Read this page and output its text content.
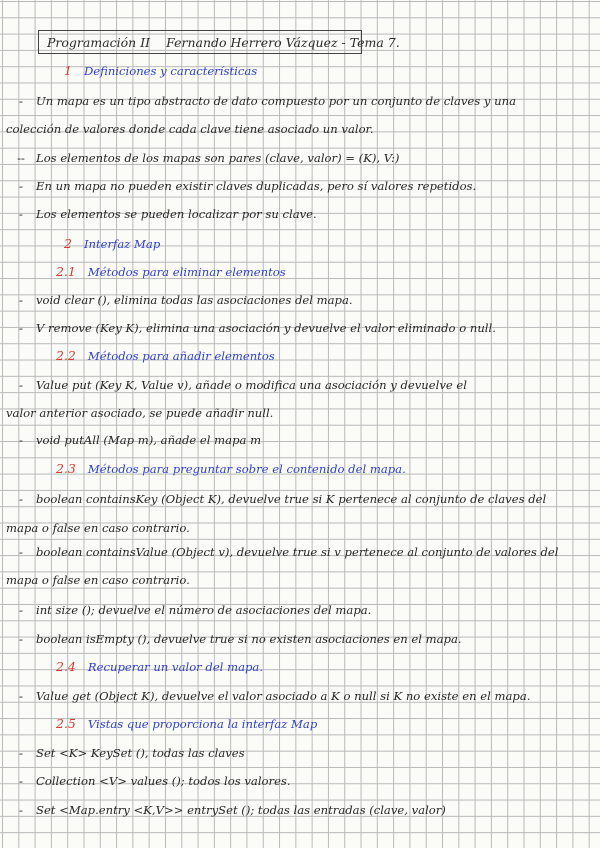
Programación II	Fernando Herrero Vázquez - Tema 7.
1 Definiciones y características
- Un mapa es un tipo abstracto de dato compuesto por un conjunto de claves y una
colección de valores donde cada clave tiene asociado un valor.
-- Los elementos de los mapas son pares (clave, valor) = (K), V:)
- En un mapa no pueden existir claves duplicadas, pero sí valores repetidos.
- Los elementos se pueden localizar por su clave.
2 Interfaz Map
2.1 Métodos para eliminar elementos
- void clear (), elimina todas las asociaciones del mapa.
- V remove (Key K), elimina una asociación y devuelve el valor eliminado o null.
2.2 Métodos para añadir elementos
- Value put (Key K, Value v), añade o modifica una asociación y devuelve el
valor anterior asociado, se puede añadir null.
- void putAll (Map m), añade el mapa m
2.3 Métodos para preguntar sobre el contenido del mapa.
- boolean containsKey (Object K), devuelve true si K pertenece al conjunto de claves del
mapa o false en caso contrario.
- boolean containsValue (Object v), devuelve true si v pertenece al conjunto de valores del
mapa o false en caso contrario.
- int size (); devuelve el número de asociaciones del mapa.
- boolean isEmpty (), devuelve true si no existen asociaciones en el mapa.
2.4 Recuperar un valor del mapa.
- Value get (Object K), devuelve el valor asociado a K o null si K no existe en el mapa.
2.5 Vistas que proporciona la interfaz Map
- Set <K> KeySet (), todas las claves
- Collection <V> values (); todos los valores.
- Set <Map.entry <K,V>> entrySet (); todas las entradas (clave, valor)
